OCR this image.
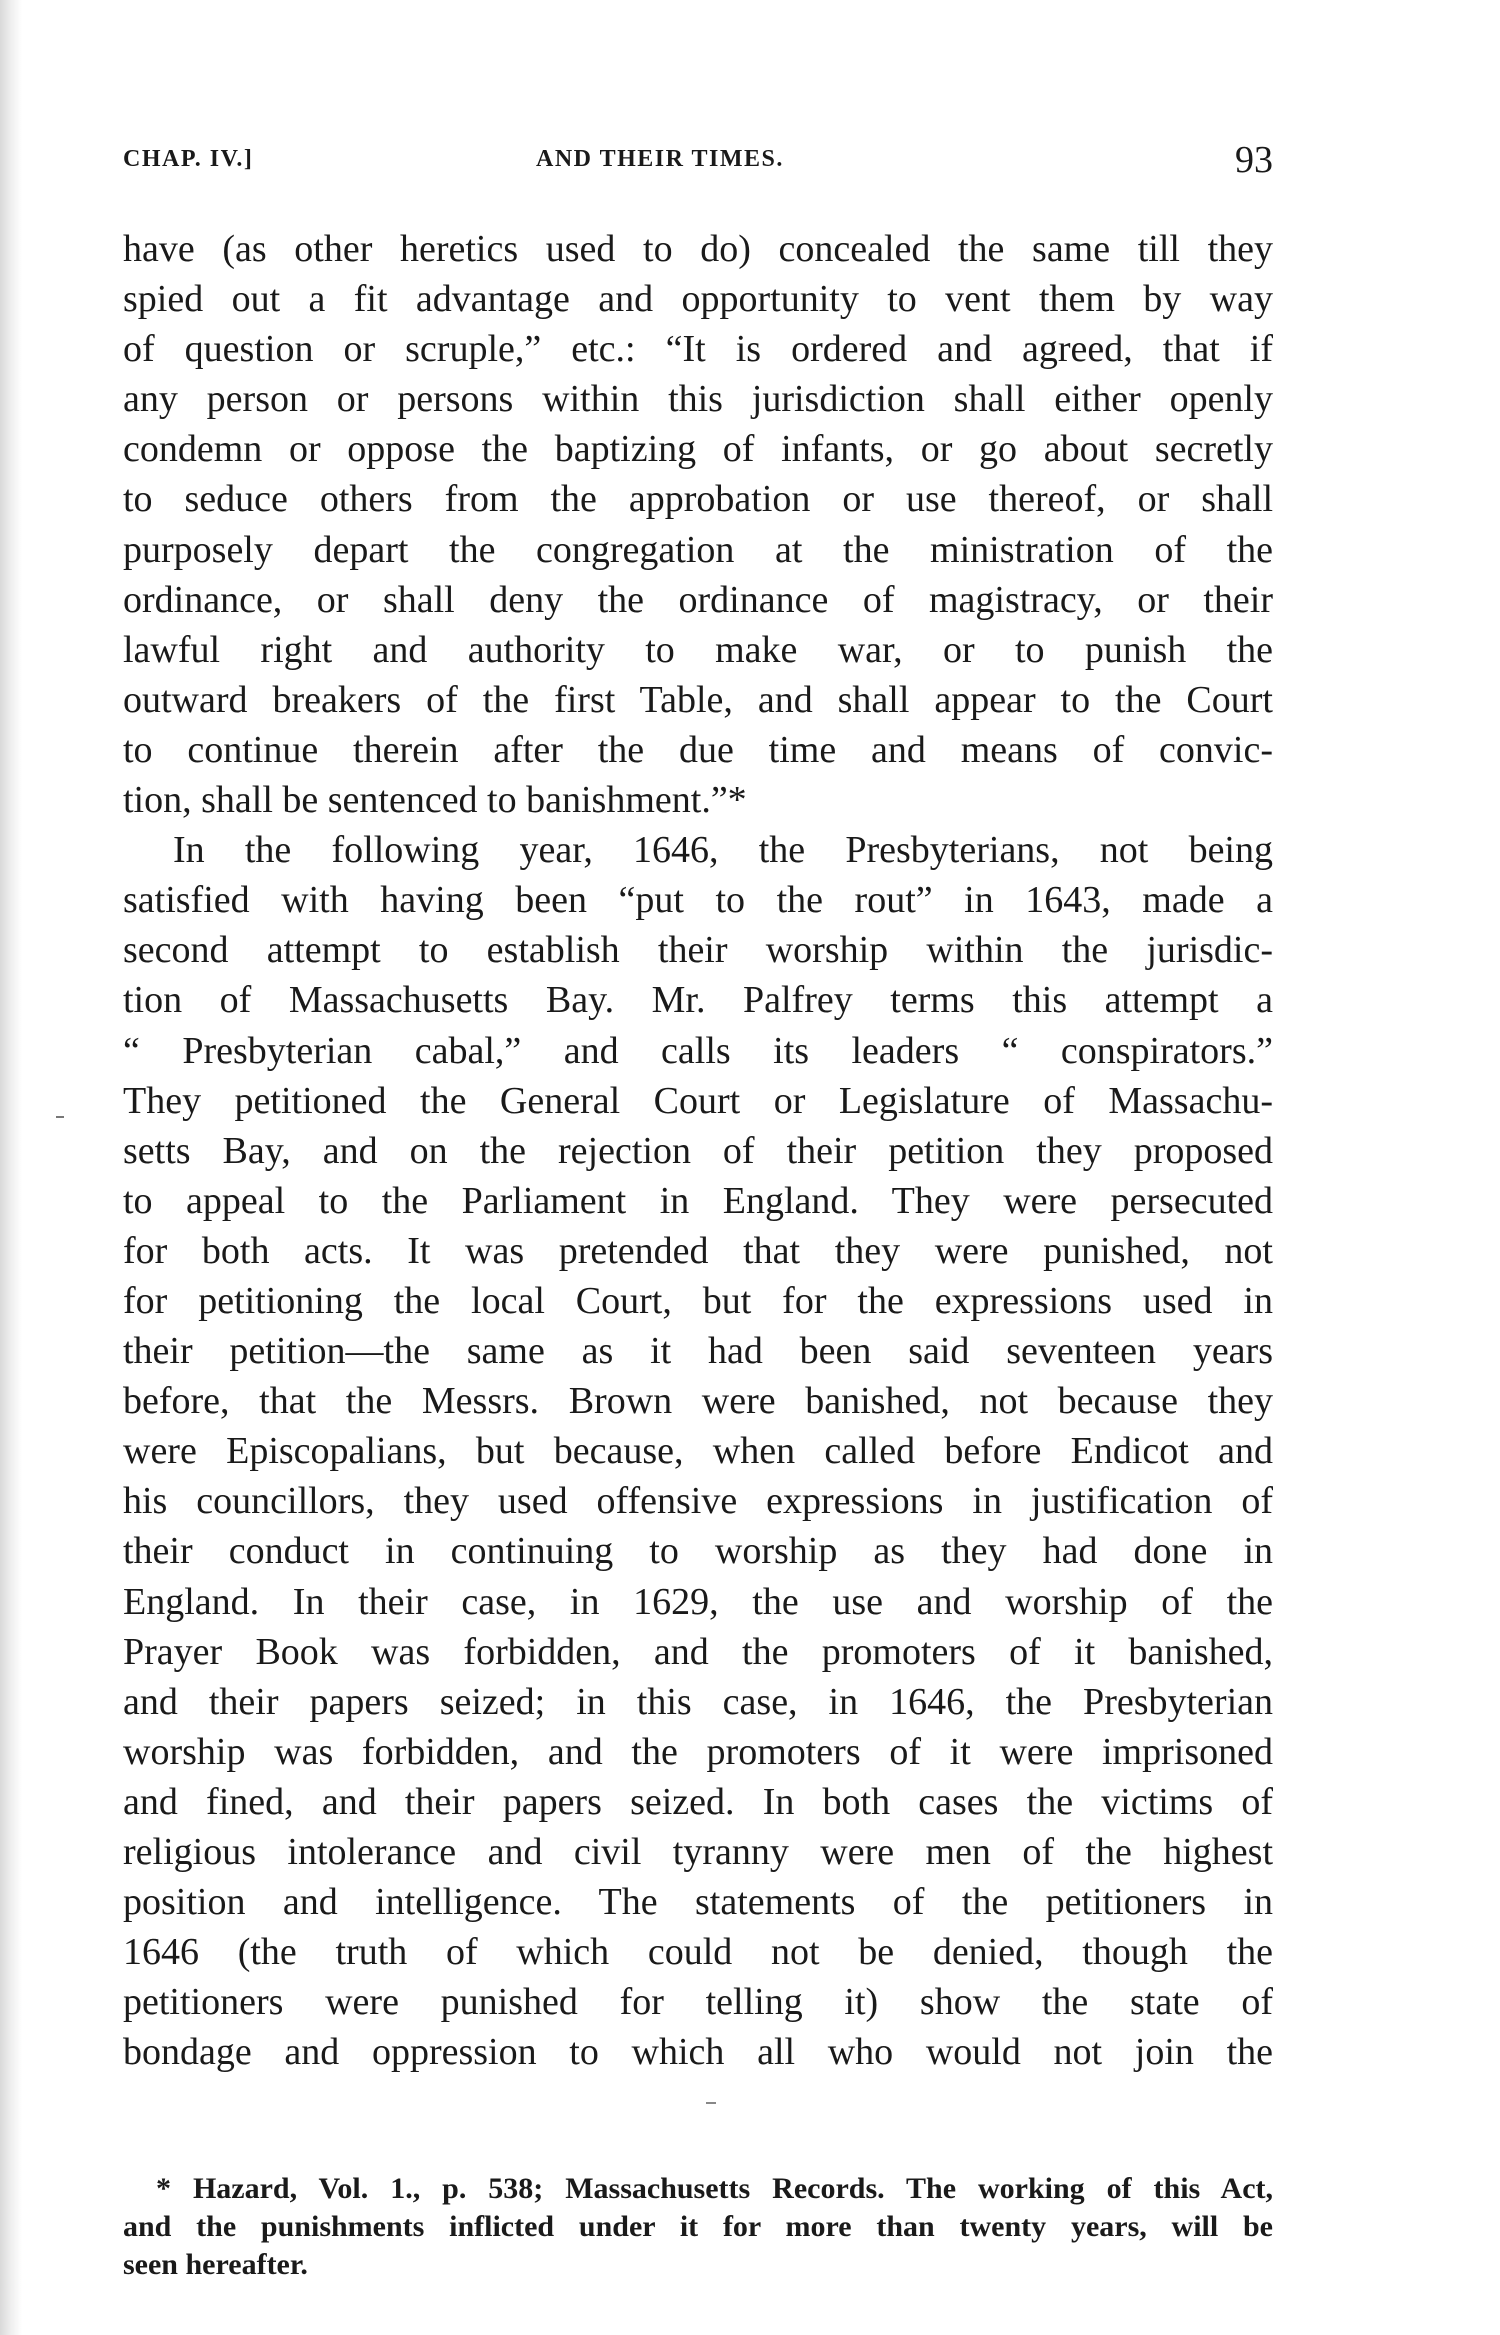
CHAP. IV.]	AND THEIR TIMES.	93
have (as other heretics used to do) concealed the same till they
spied out a fit advantage and opportunity to vent them by way
of question or scruple,” etc.: “It is ordered and agreed, that if
any person or persons within this jurisdiction shall either openly
condemn or oppose the baptizing of infants, or go about secretly
to seduce others from the approbation or use thereof, or shall
purposely depart the congregation at the ministration of the
ordinance, or shall deny the ordinance of magistracy, or their
lawful right and authority to make war, or to punish the
outward breakers of the first Table, and shall appear to the Court
to continue therein after the due time and means of convic-
tion, shall be sentenced to banishment.”*
In the following year, 1646, the Presbyterians, not being
satisfied with having been “put to the rout” in 1643, made a
second attempt to establish their worship within the jurisdic-
tion of Massachusetts Bay. Mr. Palfrey terms this attempt a
“ Presbyterian cabal,” and calls its leaders “ conspirators.”
They petitioned the General Court or Legislature of Massachu-
setts Bay, and on the rejection of their petition they proposed
to appeal to the Parliament in England. They were persecuted
for both acts. It was pretended that they were punished, not
for petitioning the local Court, but for the expressions used in
their petition—the same as it had been said seventeen years
before, that the Messrs. Brown were banished, not because they
were Episcopalians, but because, when called before Endicot and
his councillors, they used offensive expressions in justification of
their conduct in continuing to worship as they had done in
England. In their case, in 1629, the use and worship of the
Prayer Book was forbidden, and the promoters of it banished,
and their papers seized; in this case, in 1646, the Presbyterian
worship was forbidden, and the promoters of it were imprisoned
and fined, and their papers seized. In both cases the victims of
religious intolerance and civil tyranny were men of the highest
position and intelligence. The statements of the petitioners in
1646 (the truth of which could not be denied, though the
petitioners were punished for telling it) show the state of
bondage and oppression to which all who would not join the
* Hazard, Vol. 1., p. 538; Massachusetts Records. The working of this Act,
and the punishments inflicted under it for more than twenty years, will be
seen hereafter.
